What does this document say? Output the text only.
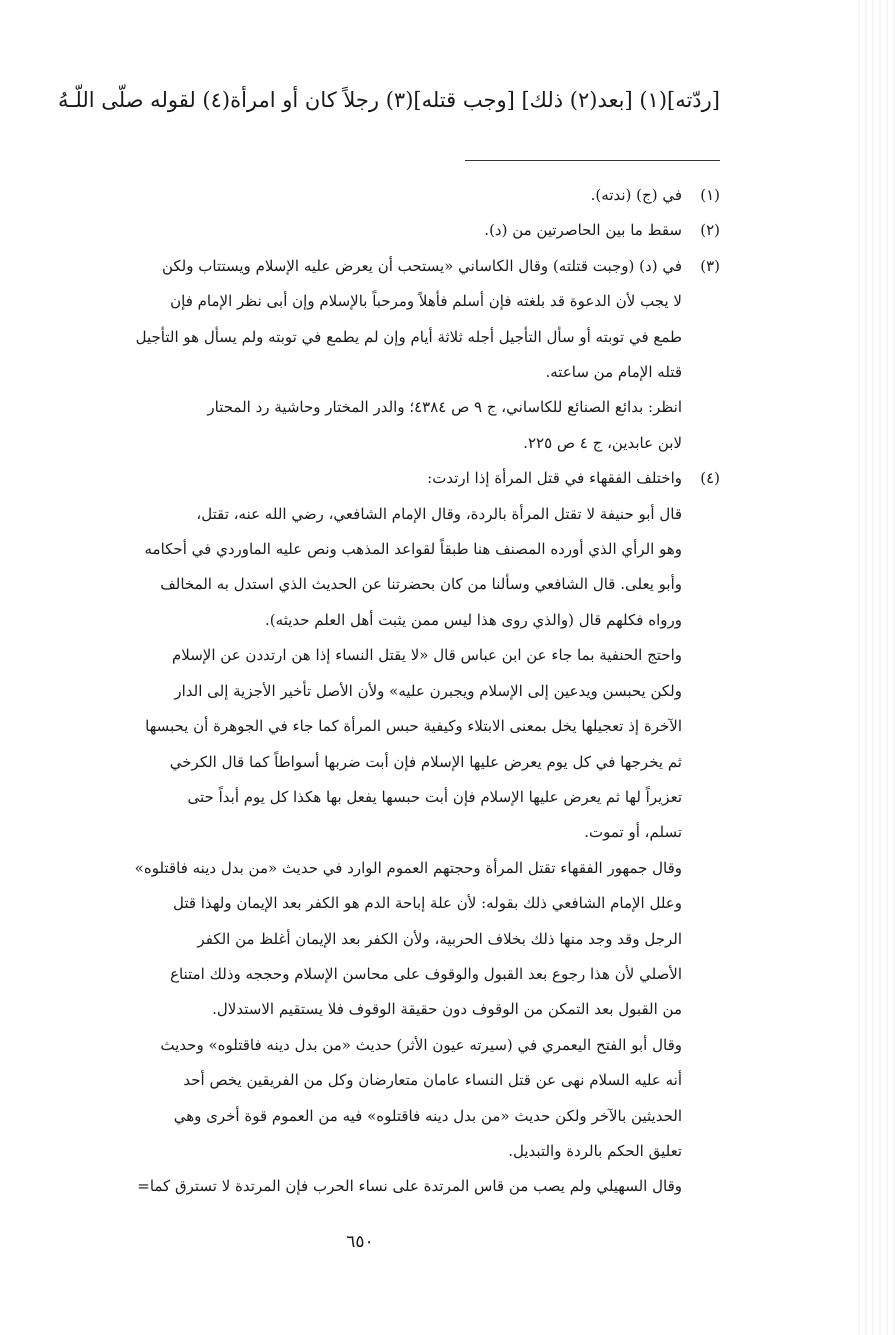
[ردّته](١) [بعد(٢) ذلك] [وجب قتله](٣) رجلاً كان أو امرأة(٤) لقوله صلّى اللّـهُ
(١)
في (ج) (ندته).
(٢)
سقط ما بين الحاصرتين من (د).
(٣)
في (د) (وجبت قتلته) وقال الكاساني «يستحب أن يعرض عليه الإسلام ويستتاب ولكن
لا يجب لأن الدعوة قد بلغته فإن أسلم فأهلاً ومرحباً بالإسلام وإن أبى نظر الإمام فإن
طمع في توبته أو سأل التأجيل أجله ثلاثة أيام وإن لم يطمع في توبته ولم يسأل هو التأجيل
قتله الإمام من ساعته.
انظر: بدائع الصنائع للكاساني، ج ٩ ص ٤٣٨٤؛ والدر المختار وحاشية رد المحتار
لابن عابدين، ج ٤ ص ٢٢٥.
(٤)
واختلف الفقهاء في قتل المرأة إذا ارتدت:
قال أبو حنيفة لا تقتل المرأة بالردة، وقال الإمام الشافعي، رضي الله عنه، تقتل،
وهو الرأي الذي أورده المصنف هنا طبقاً لقواعد المذهب ونص عليه الماوردي في أحكامه
وأبو يعلى. قال الشافعي وسألنا من كان بحضرتنا عن الحديث الذي استدل به المخالف
ورواه فكلهم قال (والذي روى هذا ليس ممن يثبت أهل العلم حديثه).
واحتج الحنفية بما جاء عن ابن عباس قال «لا يقتل النساء إذا هن ارتددن عن الإسلام
ولكن يحبسن ويدعين إلى الإسلام ويجبرن عليه» ولأن الأصل تأخير الأجزية إلى الدار
الآخرة إذ تعجيلها يخل بمعنى الابتلاء وكيفية حبس المرأة كما جاء في الجوهرة أن يحبسها
ثم يخرجها في كل يوم يعرض عليها الإسلام فإن أبت ضربها أسواطاً كما قال الكرخي
تعزيراً لها ثم يعرض عليها الإسلام فإن أبت حبسها يفعل بها هكذا كل يوم أبداً حتى
تسلم، أو تموت.
وقال جمهور الفقهاء تقتل المرأة وحجتهم العموم الوارد في حديث «من بدل دينه فاقتلوه»
وعلل الإمام الشافعي ذلك بقوله: لأن علة إباحة الدم هو الكفر بعد الإيمان ولهذا قتل
الرجل وقد وجد منها ذلك بخلاف الحربية، ولأن الكفر بعد الإيمان أغلظ من الكفر
الأصلي لأن هذا رجوع بعد القبول والوقوف على محاسن الإسلام وحججه وذلك امتناع
من القبول بعد التمكن من الوقوف دون حقيقة الوقوف فلا يستقيم الاستدلال.
وقال أبو الفتح اليعمري في (سيرته عيون الأثر) حديث «من بدل دينه فاقتلوه» وحديث
أنه عليه السلام نهى عن قتل النساء عامان متعارضان وكل من الفريقين يخص أحد
الحديثين بالآخر ولكن حديث «من بدل دينه فاقتلوه» فيه من العموم قوة أخرى وهي
تعليق الحكم بالردة والتبديل.
وقال السهيلي ولم يصب من قاس المرتدة على نساء الحرب فإن المرتدة لا تسترق كما=
٦٥٠
